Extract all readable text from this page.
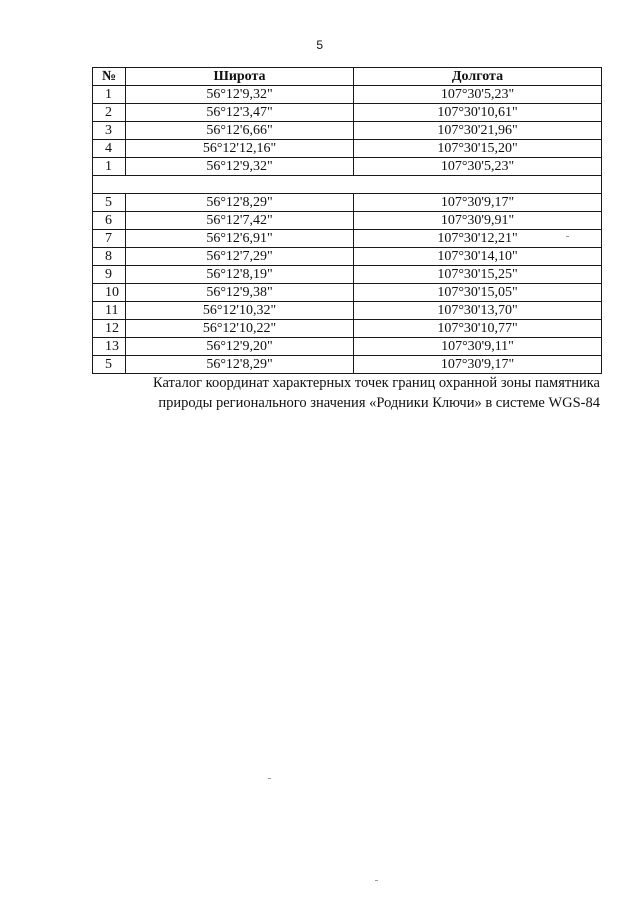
5
№	Широта	Долгота
1	56°12'9,32"	107°30'5,23"
2	56°12'3,47"	107°30'10,61"
3	56°12'6,66"	107°30'21,96"
4	56°12'12,16"	107°30'15,20"
1	56°12'9,32"	107°30'5,23"

5	56°12'8,29"	107°30'9,17"
6	56°12'7,42"	107°30'9,91"
7	56°12'6,91"	107°30'12,21"
8	56°12'7,29"	107°30'14,10"
9	56°12'8,19"	107°30'15,25"
10	56°12'9,38"	107°30'15,05"
11	56°12'10,32"	107°30'13,70"
12	56°12'10,22"	107°30'10,77"
13	56°12'9,20"	107°30'9,11"
5	56°12'8,29"	107°30'9,17"
Каталог координат характерных точек границ охранной зоны памятника
природы регионального значения «Родники Ключи» в системе WGS-84
